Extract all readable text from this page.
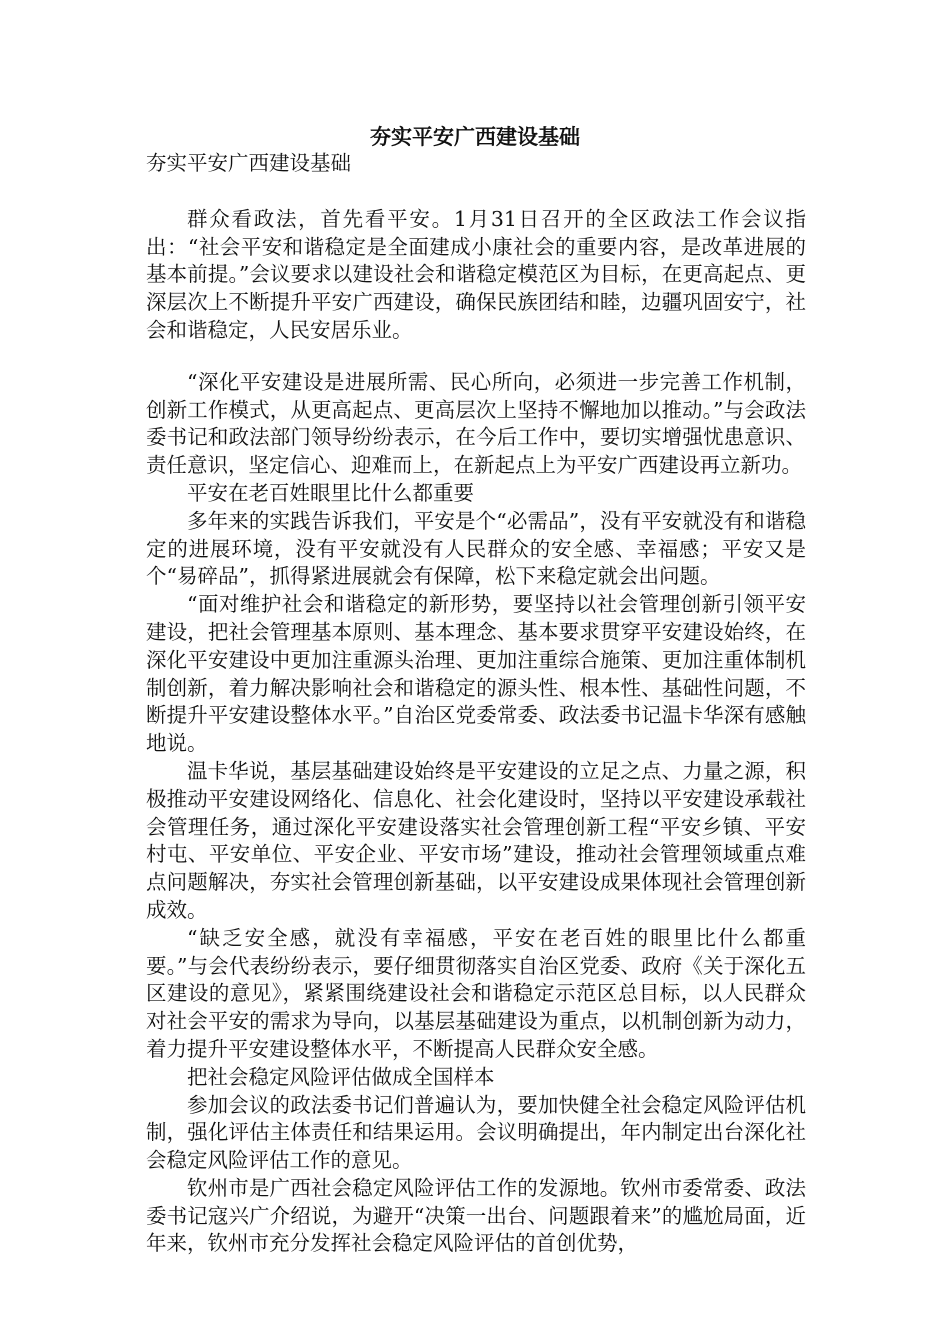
夯实平安广西建设基础

夯实平安广西建设基础

群众看政法，首先看平安。1月31日召开的全区政法工作会议指出：“社会平安和谐稳定是全面建成小康社会的重要内容，是改革进展的基本前提。”会议要求以建设社会和谐稳定模范区为目标，在更高起点、更深层次上不断提升平安广西建设，确保民族团结和睦，边疆巩固安宁，社会和谐稳定，人民安居乐业。

“深化平安建设是进展所需、民心所向，必须进一步完善工作机制，创新工作模式，从更高起点、更高层次上坚持不懈地加以推动。”与会政法委书记和政法部门领导纷纷表示，在今后工作中，要切实增强忧患意识、责任意识，坚定信心、迎难而上，在新起点上为平安广西建设再立新功。

平安在老百姓眼里比什么都重要

多年来的实践告诉我们，平安是个“必需品”，没有平安就没有和谐稳定的进展环境，没有平安就没有人民群众的安全感、幸福感；平安又是个“易碎品”，抓得紧进展就会有保障，松下来稳定就会出问题。

“面对维护社会和谐稳定的新形势，要坚持以社会管理创新引领平安建设，把社会管理基本原则、基本理念、基本要求贯穿平安建设始终，在深化平安建设中更加注重源头治理、更加注重综合施策、更加注重体制机制创新，着力解决影响社会和谐稳定的源头性、根本性、基础性问题，不断提升平安建设整体水平。”自治区党委常委、政法委书记温卡华深有感触地说。

温卡华说，基层基础建设始终是平安建设的立足之点、力量之源，积极推动平安建设网络化、信息化、社会化建设时，坚持以平安建设承载社会管理任务，通过深化平安建设落实社会管理创新工程“平安乡镇、平安村屯、平安单位、平安企业、平安市场”建设，推动社会管理领域重点难点问题解决，夯实社会管理创新基础，以平安建设成果体现社会管理创新成效。

“缺乏安全感，就没有幸福感，平安在老百姓的眼里比什么都重要。”与会代表纷纷表示，要仔细贯彻落实自治区党委、政府《关于深化五区建设的意见》，紧紧围绕建设社会和谐稳定示范区总目标，以人民群众对社会平安的需求为导向，以基层基础建设为重点，以机制创新为动力，着力提升平安建设整体水平，不断提高人民群众安全感。

把社会稳定风险评估做成全国样本

参加会议的政法委书记们普遍认为，要加快健全社会稳定风险评估机制，强化评估主体责任和结果运用。会议明确提出，年内制定出台深化社会稳定风险评估工作的意见。

钦州市是广西社会稳定风险评估工作的发源地。钦州市委常委、政法委书记寇兴广介绍说，为避开“决策一出台、问题跟着来”的尴尬局面，近年来，钦州市充分发挥社会稳定风险评估的首创优势，
